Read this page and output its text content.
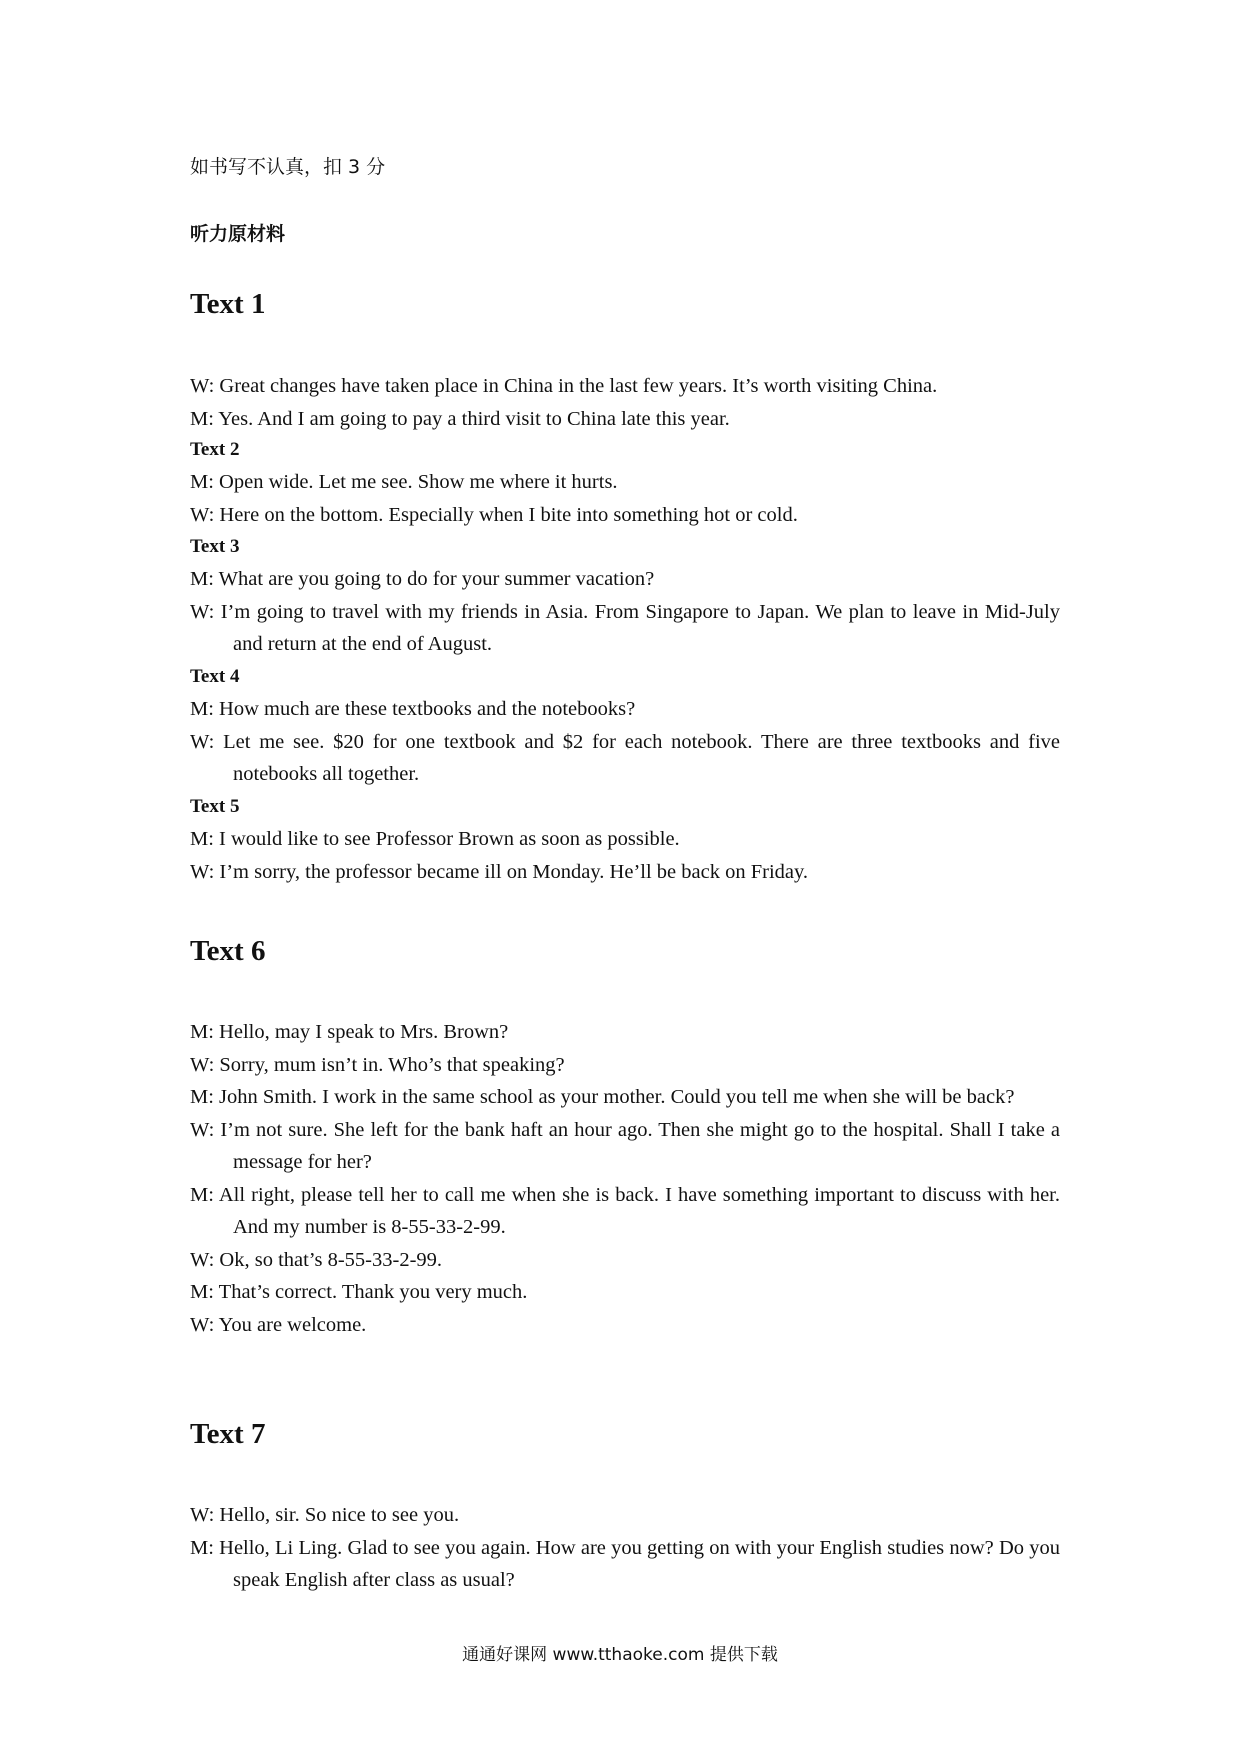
如书写不认真，扣 3 分
听力原材料
Text 1
W: Great changes have taken place in China in the last few years. It’s worth visiting China.
M: Yes. And I am going to pay a third visit to China late this year.
Text 2
M: Open wide. Let me see. Show me where it hurts.
W: Here on the bottom. Especially when I bite into something hot or cold.
Text 3
M: What are you going to do for your summer vacation?
W: I’m going to travel with my friends in Asia. From Singapore to Japan. We plan to leave in Mid-July and return at the end of August.
Text 4
M: How much are these textbooks and the notebooks?
W: Let me see. $20 for one textbook and $2 for each notebook. There are three textbooks and five notebooks all together.
Text 5
M: I would like to see Professor Brown as soon as possible.
W: I’m sorry, the professor became ill on Monday. He’ll be back on Friday.
Text 6
M: Hello, may I speak to Mrs. Brown?
W: Sorry, mum isn’t in. Who’s that speaking?
M: John Smith. I work in the same school as your mother. Could you tell me when she will be back?
W: I’m not sure. She left for the bank haft an hour ago. Then she might go to the hospital. Shall I take a message for her?
M: All right, please tell her to call me when she is back. I have something important to discuss with her. And my number is 8-55-33-2-99.
W: Ok, so that’s 8-55-33-2-99.
M: That’s correct. Thank you very much.
W: You are welcome.
Text 7
W: Hello, sir. So nice to see you.
M: Hello, Li Ling. Glad to see you again. How are you getting on with your English studies now? Do you speak English after class as usual?
通通好课网 www.tthaoke.com 提供下载
